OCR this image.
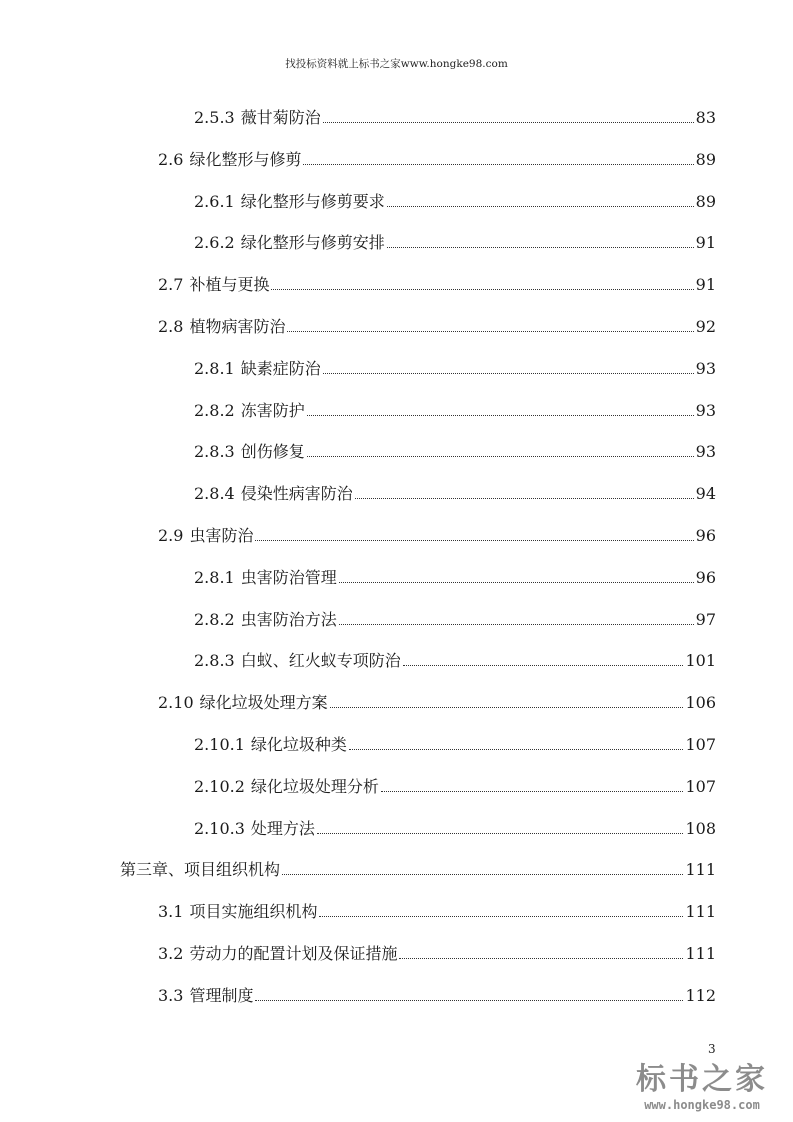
找投标资料就上标书之家www.hongke98.com
2.5.3 薇甘菊防治	83
2.6 绿化整形与修剪	89
2.6.1 绿化整形与修剪要求	89
2.6.2 绿化整形与修剪安排	91
2.7 补植与更换	91
2.8 植物病害防治	92
2.8.1 缺素症防治	93
2.8.2 冻害防护	93
2.8.3 创伤修复	93
2.8.4 侵染性病害防治	94
2.9 虫害防治	96
2.8.1 虫害防治管理	96
2.8.2 虫害防治方法	97
2.8.3 白蚁、红火蚁专项防治	101
2.10 绿化垃圾处理方案	106
2.10.1 绿化垃圾种类	107
2.10.2 绿化垃圾处理分析	107
2.10.3 处理方法	108
第三章、 项目组织机构	111
3.1 项目实施组织机构	111
3.2 劳动力的配置计划及保证措施	111
3.3 管理制度	112
3
标书之家
www.hongke98.com
